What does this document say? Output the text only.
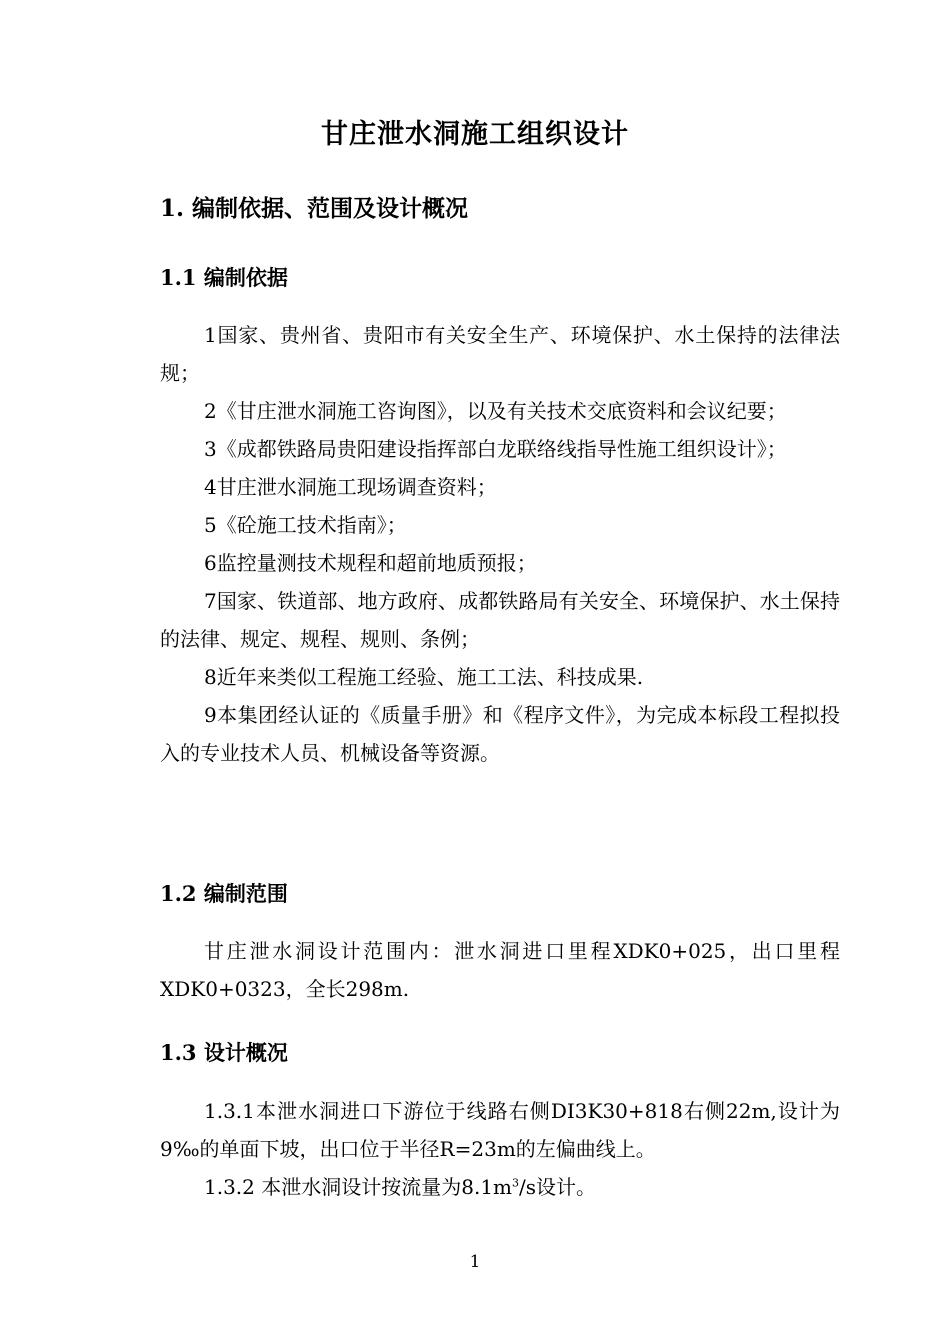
甘庄泄水洞施工组织设计
1. 编制依据、范围及设计概况
1.1 编制依据
1国家、贵州省、贵阳市有关安全生产、环境保护、水土保持的法律法规；
2《甘庄泄水洞施工咨询图》，以及有关技术交底资料和会议纪要；
3《成都铁路局贵阳建设指挥部白龙联络线指导性施工组织设计》；
4甘庄泄水洞施工现场调查资料；
5《砼施工技术指南》；
6监控量测技术规程和超前地质预报；
7国家、铁道部、地方政府、成都铁路局有关安全、环境保护、水土保持的法律、规定、规程、规则、条例；
8近年来类似工程施工经验、施工工法、科技成果.
9本集团经认证的《质量手册》和《程序文件》，为完成本标段工程拟投入的专业技术人员、机械设备等资源。
1.2 编制范围

甘庄泄水洞设计范围内：泄水洞进口里程XDK0+025，出口里程XDK0+0323，全长298m.

1.3 设计概况

1.3.1本泄水洞进口下游位于线路右侧DI3K30+818右侧22m,设计为9‰的单面下坡，出口位于半径R=23m的左偏曲线上。

1.3.2 本泄水洞设计按流量为$8.1m^3/s$设计。

1
